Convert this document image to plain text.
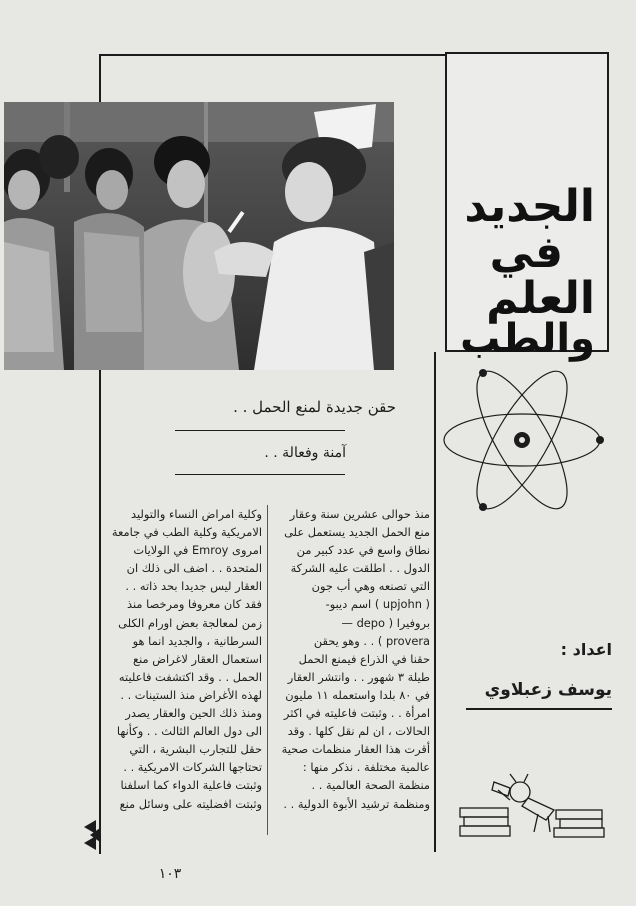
الجديد
في
العلم
والطب
حقن جديدة لمنع الحمل . .
آمنة وفعالة . .

منذ حوالى عشرين سنة وعقار

منع الحمل الجديد يستعمل على

نطاق واسع في عدد كبير من

الدول . . اطلقت عليه الشركة

التي تصنعه وهي أب جون

( upjohn ) اسم ديبو-

بروفيرا ( depo —

provera ) . . وهو يحقن

حقنا في الذراع فيمنع الحمل

طيلة ٣ شهور . . وانتشر العقار

في ٨٠ بلدا واستعمله ١١ مليون

امرأة . . وثبتت فاعليته في اكثر

الحالات ، ان لم نقل كلها . وقد

أقرت هذا العقار منظمات صحية

عالمية مختلفة . نذكر منها :

منظمة الصحة العالمية . .

ومنظمة ترشيد الأبوة الدولية . .

وكلية امراض النساء والتوليد

الامريكية وكلية الطب في جامعة

امروى Emroy في الولايات

المتحدة . . اضف الى ذلك ان

العقار ليس جديدا بحد ذاته . .

فقد كان معروفا ومرخصا منذ

زمن لمعالجة بعض اورام الكلى

السرطانية ، والجديد انما هو

استعمال العقار لاغراض منع

الحمل . . وقد اكتشفت فاعليته

لهذه الأغراض منذ الستينات . .

ومنذ ذلك الحين والعقار يصدر

الى دول العالم الثالث . . وكأنها

حقل للتجارب البشرية ، التي

تحتاجها الشركات الامريكية . .

وثبتت فاعلية الدواء كما اسلفنا

وثبتت افضليته على وسائل منع

اعداد :
يوسف زعبلاوي
١٠٣
